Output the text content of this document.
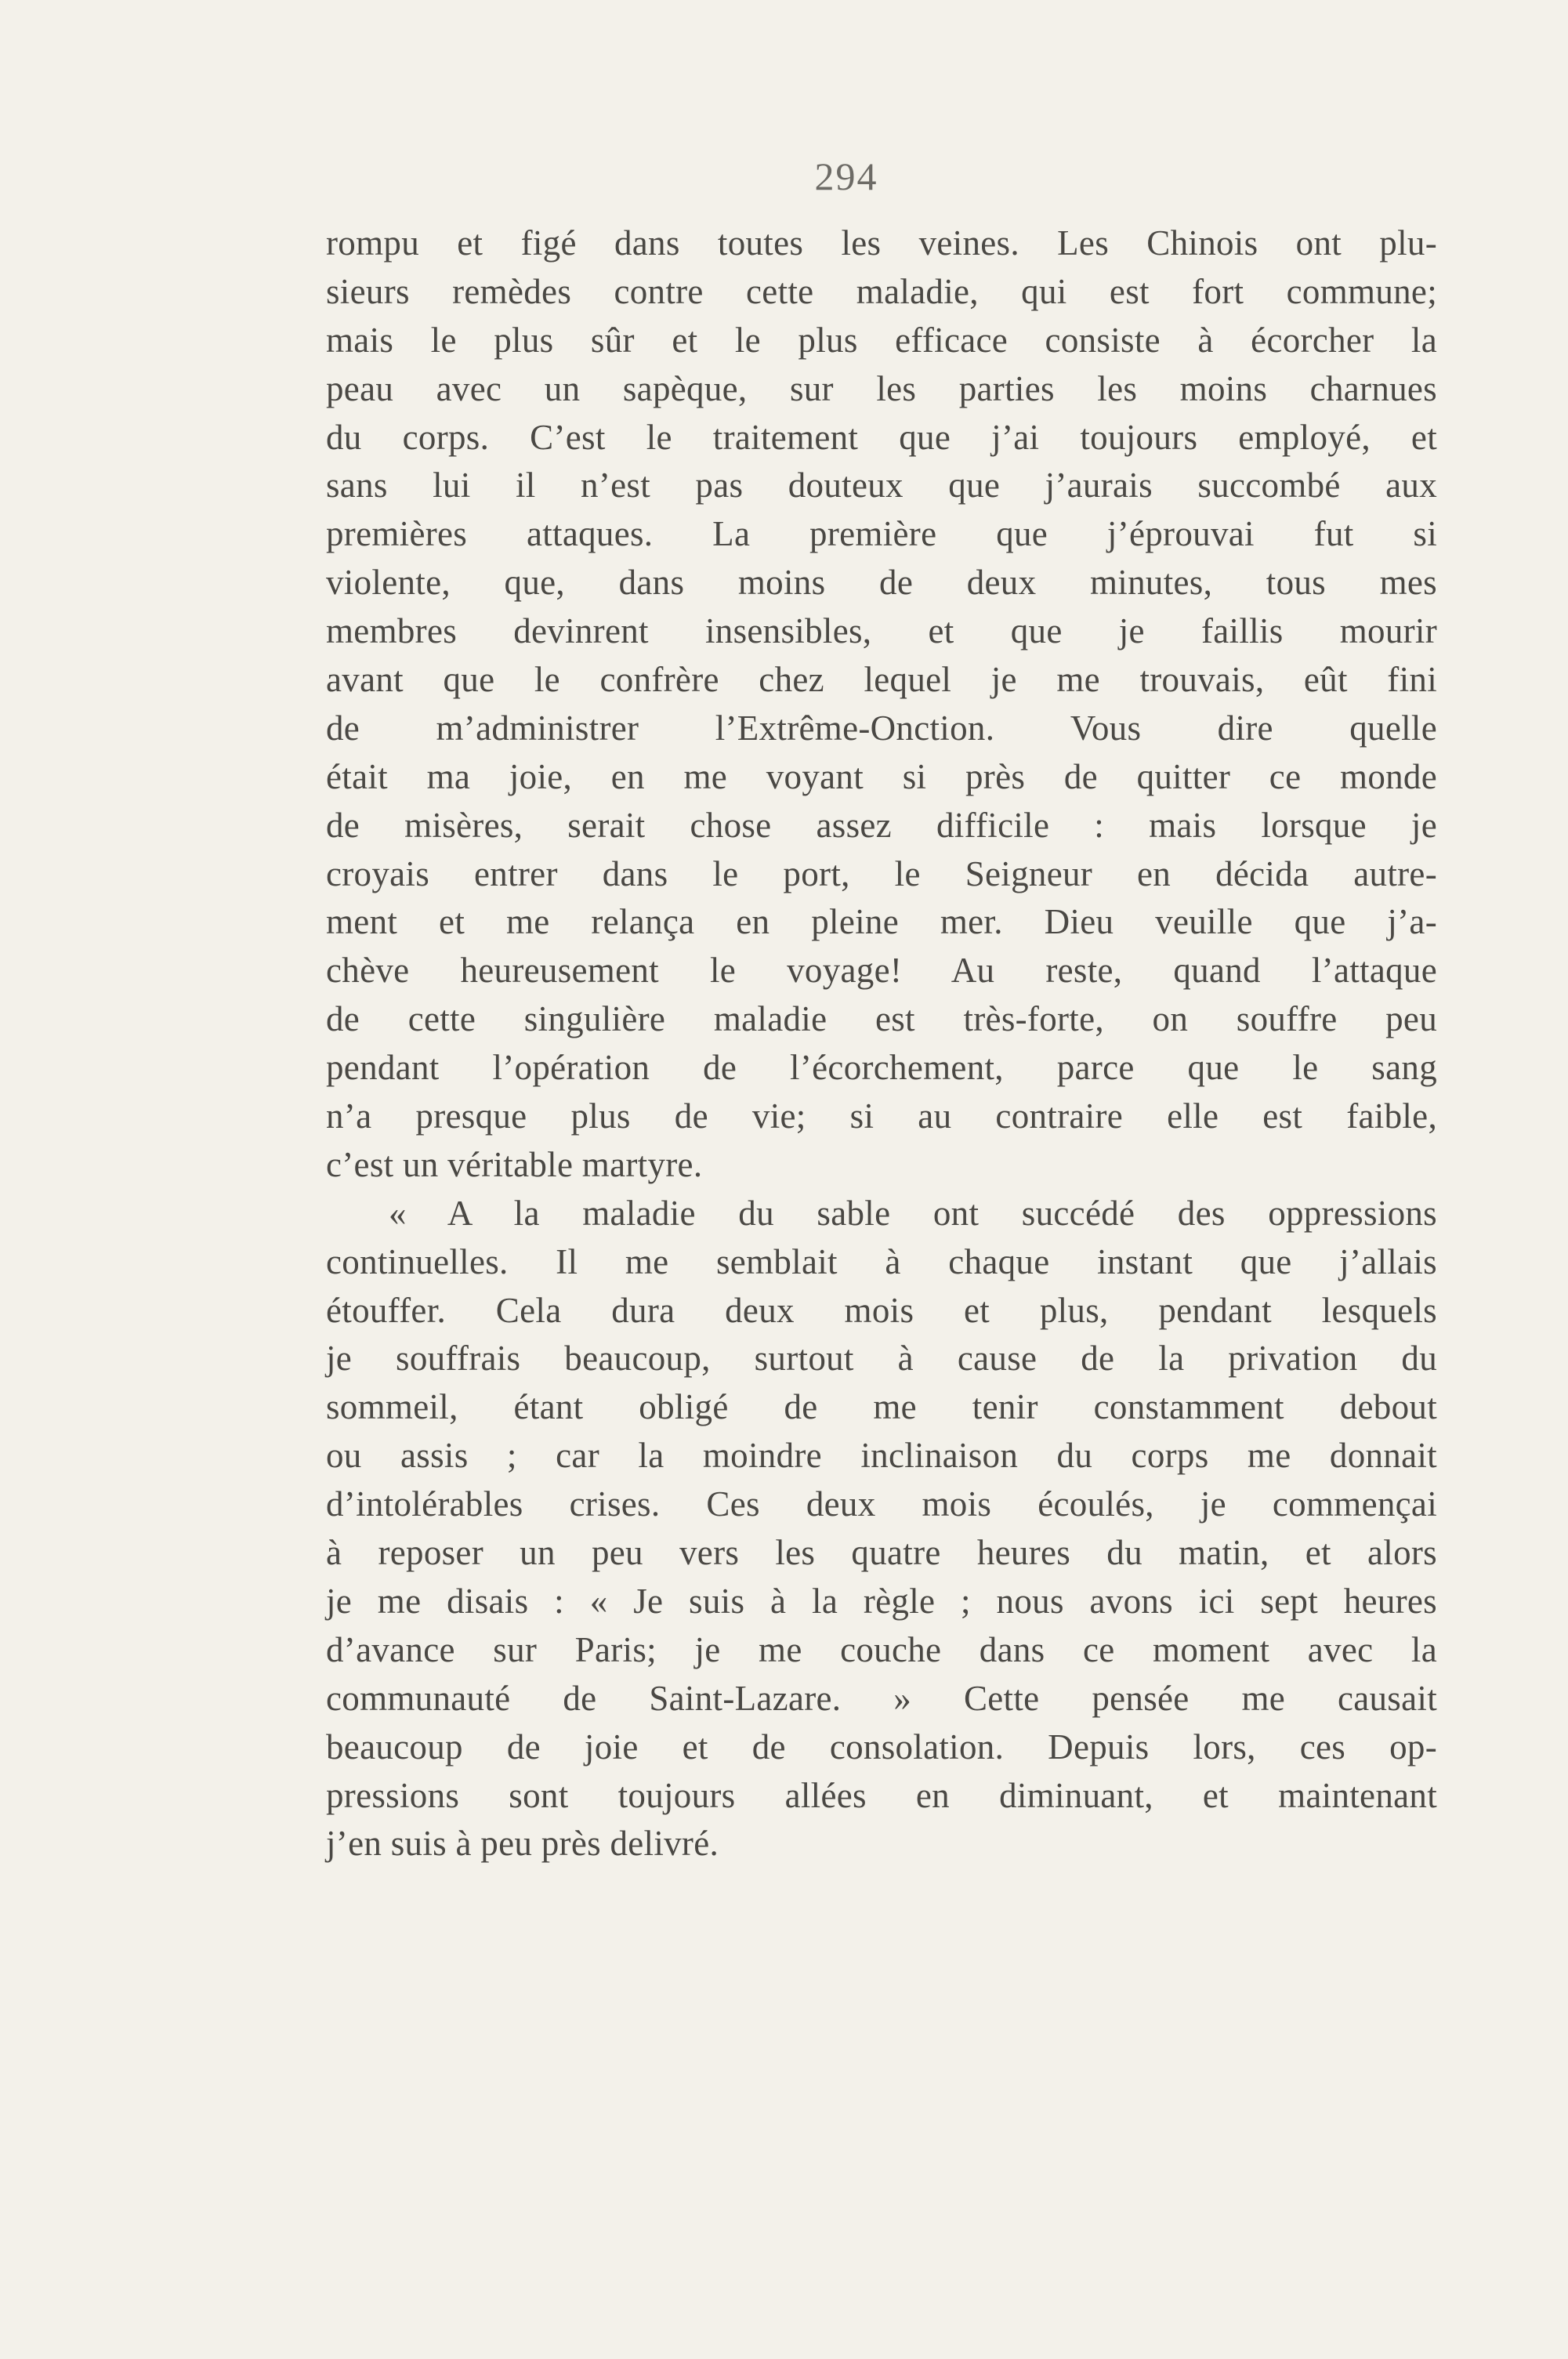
294
rompu et figé dans toutes les veines. Les Chinois ont plu-
sieurs remèdes contre cette maladie, qui est fort commune;
mais le plus sûr et le plus efficace consiste à écorcher la
peau avec un sapèque, sur les parties les moins charnues
du corps. C’est le traitement que j’ai toujours employé, et
sans lui il n’est pas douteux que j’aurais succombé aux
premières attaques. La première que j’éprouvai fut si
violente, que, dans moins de deux minutes, tous mes
membres devinrent insensibles, et que je faillis mourir
avant que le confrère chez lequel je me trouvais, eût fini
de m’administrer l’Extrême-Onction. Vous dire quelle
était ma joie, en me voyant si près de quitter ce monde
de misères, serait chose assez difficile : mais lorsque je
croyais entrer dans le port, le Seigneur en décida autre-
ment et me relança en pleine mer. Dieu veuille que j’a-
chève heureusement le voyage! Au reste, quand l’attaque
de cette singulière maladie est très-forte, on souffre peu
pendant l’opération de l’écorchement, parce que le sang
n’a presque plus de vie; si au contraire elle est faible,
c’est un véritable martyre.
« A la maladie du sable ont succédé des oppressions
continuelles. Il me semblait à chaque instant que j’allais
étouffer. Cela dura deux mois et plus, pendant lesquels
je souffrais beaucoup, surtout à cause de la privation du
sommeil, étant obligé de me tenir constamment debout
ou assis ; car la moindre inclinaison du corps me donnait
d’intolérables crises. Ces deux mois écoulés, je commençai
à reposer un peu vers les quatre heures du matin, et alors
je me disais : « Je suis à la règle ; nous avons ici sept heures
d’avance sur Paris; je me couche dans ce moment avec la
communauté de Saint-Lazare. » Cette pensée me causait
beaucoup de joie et de consolation. Depuis lors, ces op-
pressions sont toujours allées en diminuant, et maintenant
j’en suis à peu près delivré.
